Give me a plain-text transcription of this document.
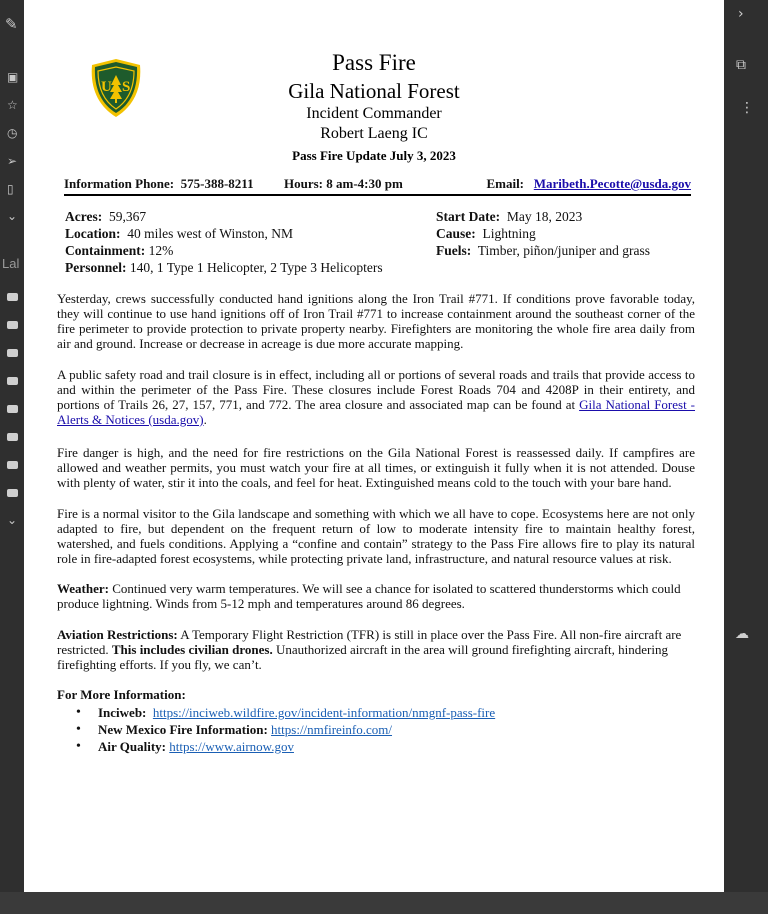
✎
▣
☆
◷
➢
▯
⌄
Lal
⌄
›
⧉
⋮
☁
U S
Pass Fire
Gila National Forest
Incident Commander
Robert Laeng IC
Pass Fire Update July 3, 2023
Information Phone: 575-388-8211 Hours: 8 am-4:30 pm	Email: Maribeth.Pecotte@usda.gov
Acres: 59,367
Location: 40 miles west of Winston, NM
Containment: 12%
Personnel: 140, 1 Type 1 Helicopter, 2 Type 3 Helicopters
Start Date: May 18, 2023
Cause: Lightning
Fuels: Timber, piñon/juniper and grass

Yesterday, crews successfully conducted hand ignitions along the Iron Trail #771. If conditions prove favorable today, they will continue to use hand ignitions off of Iron Trail #771 to increase containment around the southeast corner of the fire perimeter to provide protection to private property nearby. Firefighters are monitoring the whole fire area daily from air and ground. Increase or decrease in acreage is due more accurate mapping.

A public safety road and trail closure is in effect, including all or portions of several roads and trails that provide access to and within the perimeter of the Pass Fire. These closures include Forest Roads 704 and 4208P in their entirety, and portions of Trails 26, 27, 157, 771, and 772. The area closure and associated map can be found at Gila National Forest - Alerts & Notices (usda.gov).

Fire danger is high, and the need for fire restrictions on the Gila National Forest is reassessed daily. If campfires are allowed and weather permits, you must watch your fire at all times, or extinguish it fully when it is not attended. Douse with plenty of water, stir it into the coals, and feel for heat. Extinguished means cold to the touch with your bare hand.

Fire is a normal visitor to the Gila landscape and something with which we all have to cope. Ecosystems here are not only adapted to fire, but dependent on the frequent return of low to moderate intensity fire to maintain healthy forest, watershed, and fuels conditions. Applying a “confine and contain” strategy to the Pass Fire allows fire to play its natural role in fire-adapted forest ecosystems, while protecting private land, infrastructure, and natural resource values at risk.

Weather: Continued very warm temperatures. We will see a chance for isolated to scattered thunderstorms which could produce lightning. Winds from 5-12 mph and temperatures around 86 degrees.

Aviation Restrictions: A Temporary Flight Restriction (TFR) is still in place over the Pass Fire. All non-fire aircraft are restricted. This includes civilian drones. Unauthorized aircraft in the area will ground firefighting aircraft, hindering firefighting efforts. If you fly, we can’t.

For More Information:
• Inciweb: https://inciweb.wildfire.gov/incident-information/nmgnf-pass-fire
• New Mexico Fire Information: https://nmfireinfo.com/
• Air Quality: https://www.airnow.gov
